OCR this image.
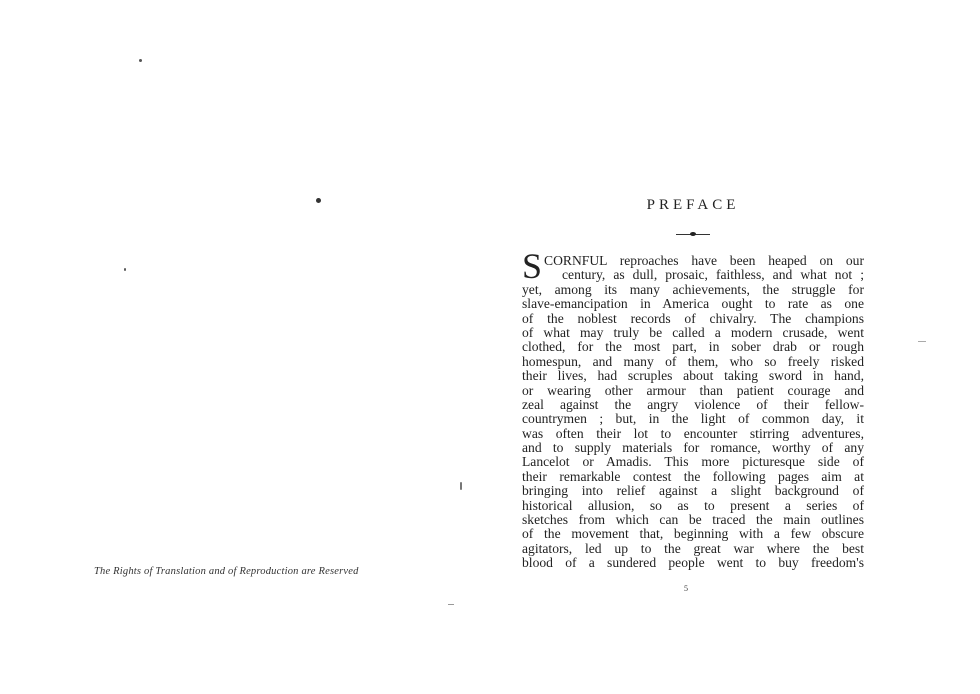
The Rights of Translation and of Reproduction are Reserved
PREFACE
S CORNFUL reproaches have been heaped on our
century, as dull, prosaic, faithless, and what not ;
yet, among its many achievements, the struggle for
slave-emancipation in America ought to rate as one
of the noblest records of chivalry. The champions
of what may truly be called a modern crusade, went
clothed, for the most part, in sober drab or rough
homespun, and many of them, who so freely risked
their lives, had scruples about taking sword in hand,
or wearing other armour than patient courage and
zeal against the angry violence of their fellow-
countrymen ; but, in the light of common day, it
was often their lot to encounter stirring adventures,
and to supply materials for romance, worthy of any
Lancelot or Amadis. This more picturesque side of
their remarkable contest the following pages aim at
bringing into relief against a slight background of
historical allusion, so as to present a series of
sketches from which can be traced the main outlines
of the movement that, beginning with a few obscure
agitators, led up to the great war where the best
blood of a sundered people went to buy freedom's
5
